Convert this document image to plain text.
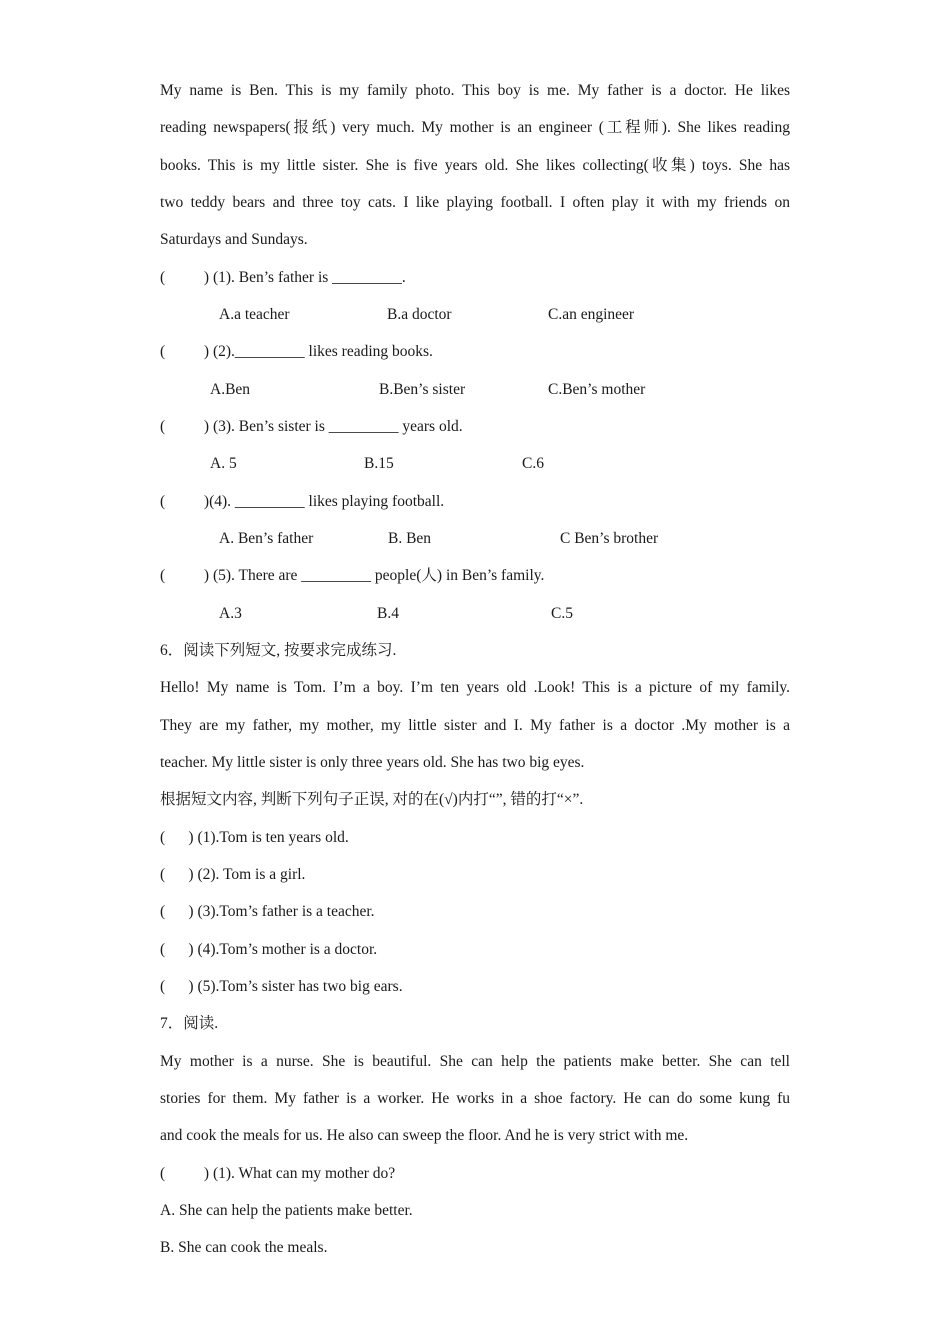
My name is Ben. This is my family photo. This boy is me. My father is a doctor. He likes
reading newspapers(报纸) very much. My mother is an engineer (工程师). She likes reading
books. This is my little sister. She is five years old. She likes collecting(收集) toys. She has
two teddy bears and three toy cats. I like playing football. I often play it with my friends on
Saturdays and Sundays.
(          ) (1). Ben’s father is _________.
A.a teacher	B.a doctor	C.an engineer
(          ) (2)._________ likes reading books.
A.Ben	B.Ben’s sister	C.Ben’s mother
(          ) (3). Ben’s sister is _________ years old.
A. 5	B.15	C.6
(          )(4). _________ likes playing football.
A. Ben’s father	B. Ben	C Ben’s brother
(          ) (5). There are _________ people(人) in Ben’s family.
A.3	B.4	C.5
6．阅读下列短文, 按要求完成练习.
Hello! My name is Tom. I’m a boy. I’m ten years old .Look! This is a picture of my family.
They are my father, my mother, my little sister and I. My father is a doctor .My mother is a
teacher. My little sister is only three years old. She has two big eyes.
根据短文内容, 判断下列句子正误, 对的在(√)内打“”, 错的打“×”.
(      ) (1).Tom is ten years old.
(      ) (2). Tom is a girl.
(      ) (3).Tom’s father is a teacher.
(      ) (4).Tom’s mother is a doctor.
(      ) (5).Tom’s sister has two big ears.
7．阅读.
My mother is a nurse. She is beautiful. She can help the patients make better. She can tell
stories for them. My father is a worker. He works in a shoe factory. He can do some kung fu
and cook the meals for us. He also can sweep the floor. And he is very strict with me.
(          ) (1). What can my mother do?
A. She can help the patients make better.
B. She can cook the meals.
